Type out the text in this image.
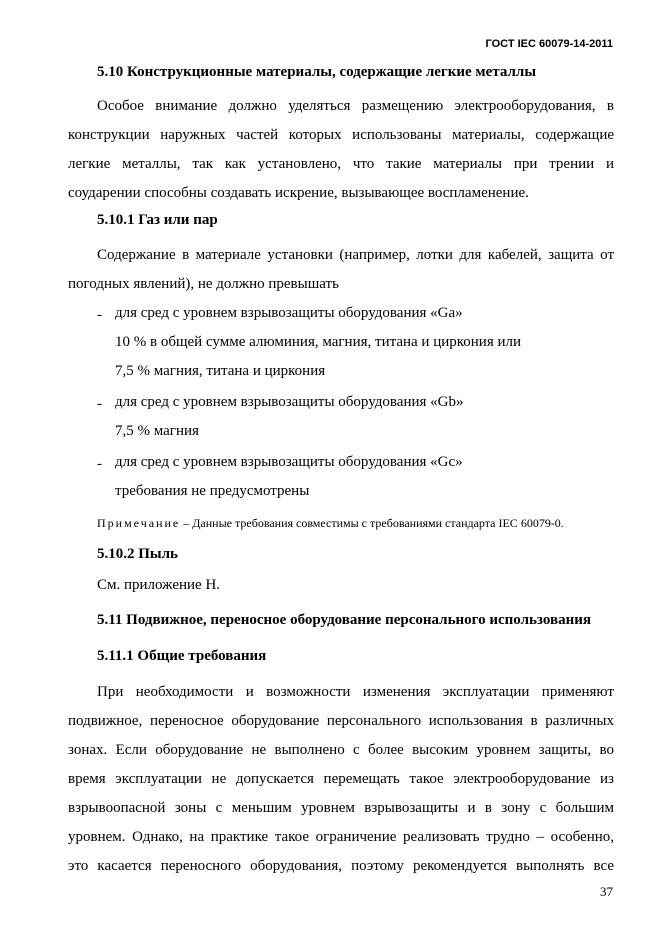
ГОСТ IEC 60079-14-2011
5.10 Конструкционные материалы, содержащие легкие металлы
Особое внимание должно уделяться размещению электрооборудования, в
конструкции наружных частей которых использованы материалы, содержащие
легкие металлы, так как установлено, что такие материалы при трении и
соударении способны создавать искрение, вызывающее воспламенение.
5.10.1 Газ или пар
Содержание в материале установки (например, лотки для кабелей, защита от
погодных явлений), не должно превышать
- для сред с уровнем взрывозащиты оборудования «Ga»
10 % в общей сумме алюминия, магния, титана и циркония или
7,5 % магния, титана и циркония
- для сред с уровнем взрывозащиты оборудования «Gb»
7,5 % магния
- для сред с уровнем взрывозащиты оборудования «Gc»
требования не предусмотрены
Примечание – Данные требования совместимы с требованиями стандарта IEC 60079-0.
5.10.2 Пыль
См. приложение Н.
5.11 Подвижное, переносное оборудование персонального использования
5.11.1 Общие требования
При необходимости и возможности изменения эксплуатации применяют
подвижное, переносное оборудование персонального использования в различных
зонах. Если оборудование не выполнено с более высоким уровнем защиты, во
время эксплуатации не допускается перемещать такое электрооборудование из
взрывоопасной зоны с меньшим уровнем взрывозащиты и в зону с большим
уровнем. Однако, на практике такое ограничение реализовать трудно – особенно,
это касается переносного оборудования, поэтому рекомендуется выполнять все
37
